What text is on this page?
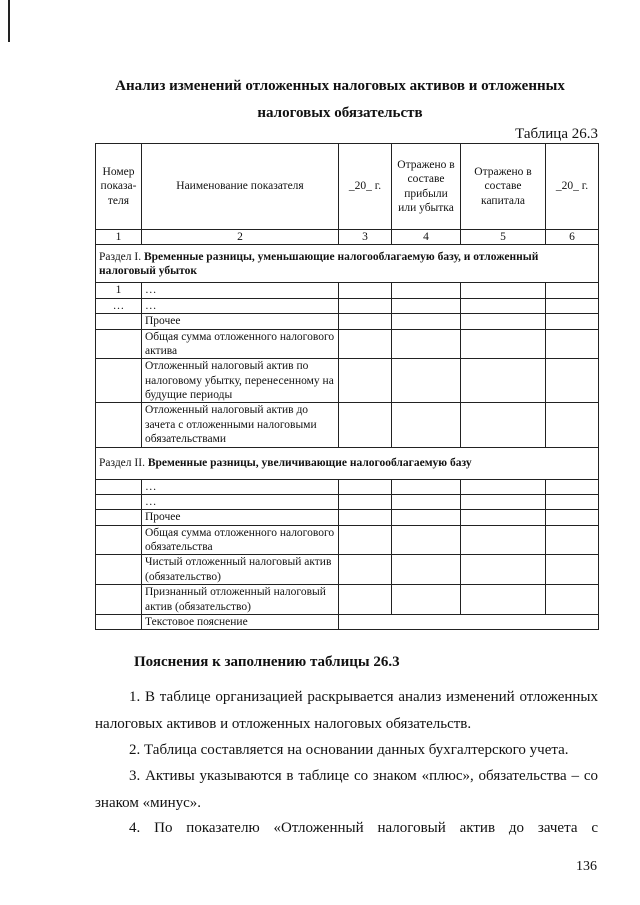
Анализ изменений отложенных налоговых активов и отложенных
налоговых обязательств
Таблица 26.3
Номер показа-теля	Наименование показателя	_20_ г.	Отражено в составе прибыли или убытка	Отражено в составе капитала	_20_ г.
1	2	3	4	5	6
Раздел I. Временные разницы, уменьшающие налогооблагаемую базу, и отложенный налоговый убыток					
1	…				
…	…				
	Прочее				
	Общая сумма отложенного налогового актива				
	Отложенный налоговый актив по налоговому убытку, перенесенному на будущие периоды				
	Отложенный налоговый актив до зачета с отложенными налоговыми обязательствами				
Раздел II. Временные разницы, увеличивающие налогооблагаемую базу					
	…				
	…				
	Прочее				
	Общая сумма отложенного налогового обязательства				
	Чистый отложенный налоговый актив (обязательство)				
	Признанный отложенный налоговый актив (обязательство)				
	Текстовое пояснение				
Пояснения к заполнению таблицы 26.3
1. В таблице организацией раскрывается анализ изменений отложенных налоговых активов и отложенных налоговых обязательств.
2. Таблица составляется на основании данных бухгалтерского учета.
3. Активы указываются в таблице со знаком «плюс», обязательства – со знаком «минус».
4. По показателю «Отложенный налоговый актив до зачета с
136
